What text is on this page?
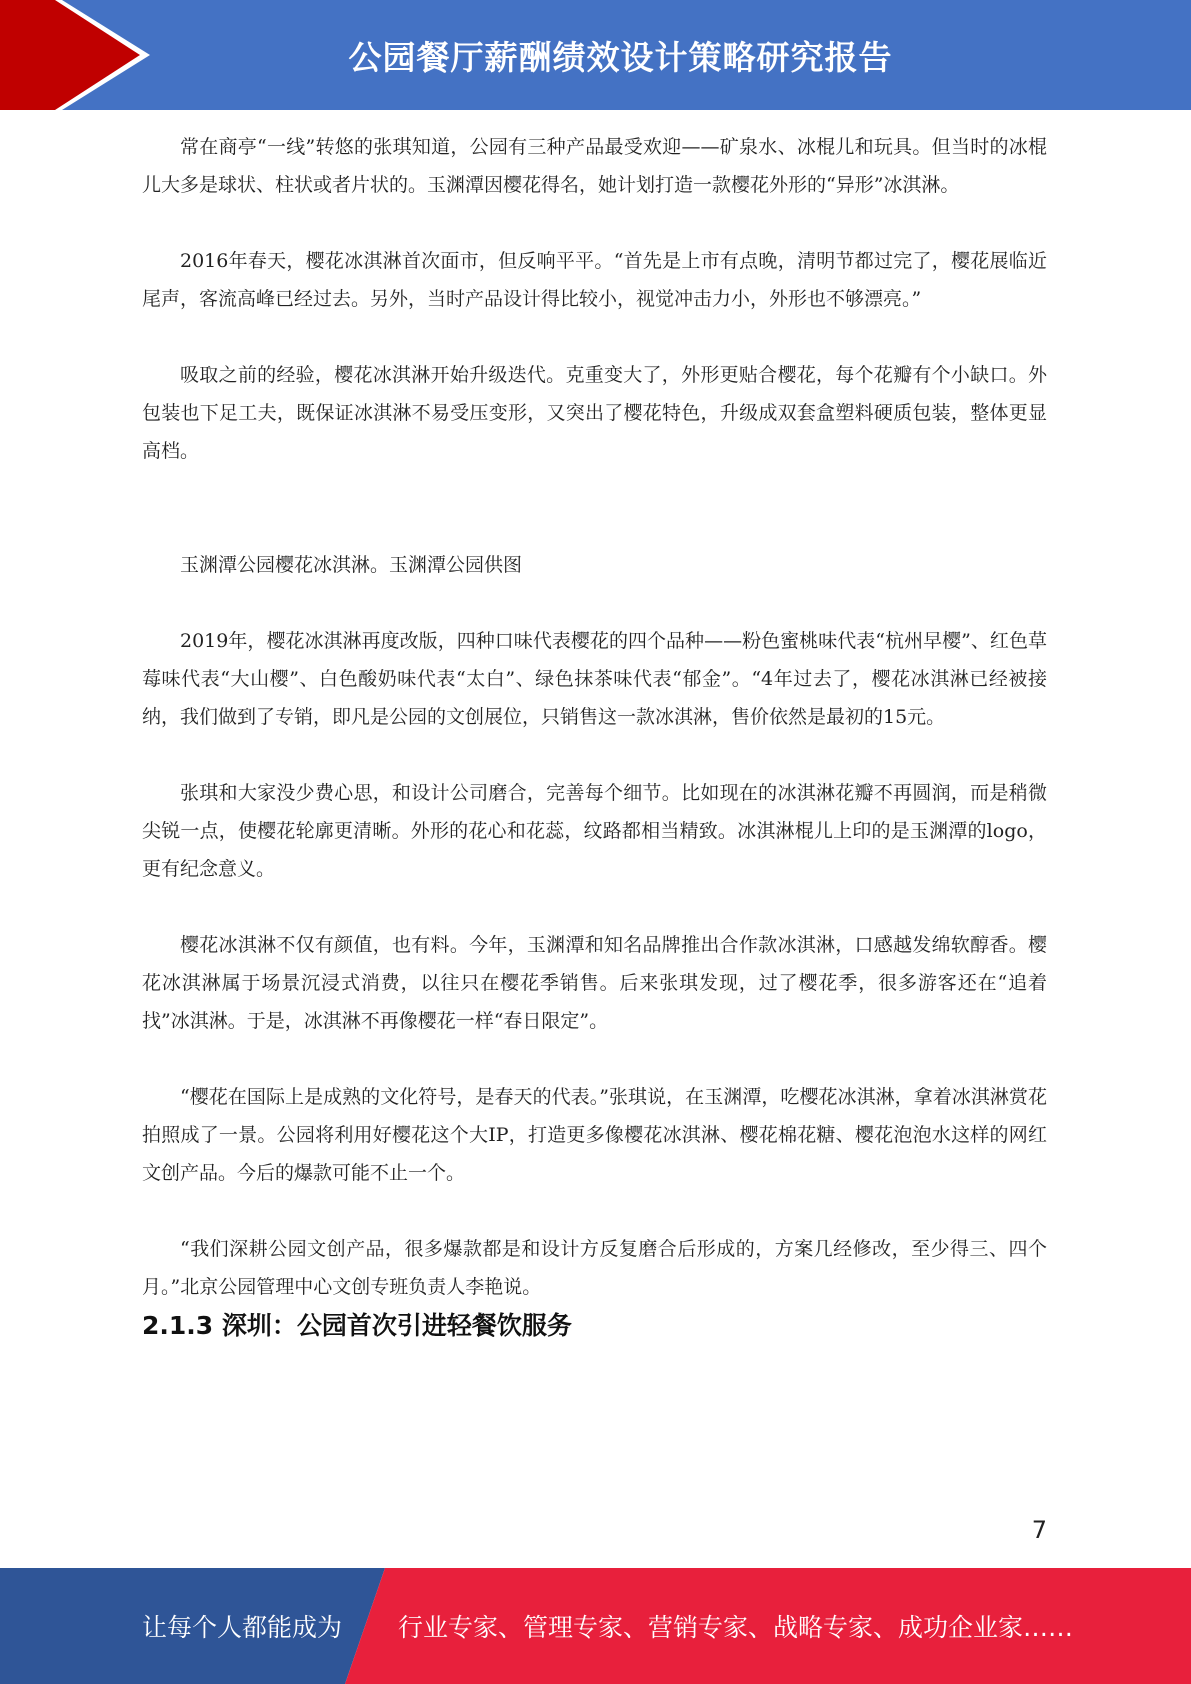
公园餐厅薪酬绩效设计策略研究报告

常在商亭“一线”转悠的张琪知道，公园有三种产品最受欢迎——矿泉水、冰棍儿和玩具。但当时的冰棍儿大多是球状、柱状或者片状的。玉渊潭因樱花得名，她计划打造一款樱花外形的“异形”冰淇淋。

2016年春天，樱花冰淇淋首次面市，但反响平平。“首先是上市有点晚，清明节都过完了，樱花展临近尾声，客流高峰已经过去。另外，当时产品设计得比较小，视觉冲击力小，外形也不够漂亮。”

吸取之前的经验，樱花冰淇淋开始升级迭代。克重变大了，外形更贴合樱花，每个花瓣有个小缺口。外包装也下足工夫，既保证冰淇淋不易受压变形，又突出了樱花特色，升级成双套盒塑料硬质包装，整体更显高档。

玉渊潭公园樱花冰淇淋。玉渊潭公园供图

2019年，樱花冰淇淋再度改版，四种口味代表樱花的四个品种——粉色蜜桃味代表“杭州早樱”、红色草莓味代表“大山樱”、白色酸奶味代表“太白”、绿色抹茶味代表“郁金”。“4年过去了，樱花冰淇淋已经被接纳，我们做到了专销，即凡是公园的文创展位，只销售这一款冰淇淋，售价依然是最初的15元。

张琪和大家没少费心思，和设计公司磨合，完善每个细节。比如现在的冰淇淋花瓣不再圆润，而是稍微尖锐一点，使樱花轮廓更清晰。外形的花心和花蕊，纹路都相当精致。冰淇淋棍儿上印的是玉渊潭的logo，更有纪念意义。

樱花冰淇淋不仅有颜值，也有料。今年，玉渊潭和知名品牌推出合作款冰淇淋，口感越发绵软醇香。樱花冰淇淋属于场景沉浸式消费，以往只在樱花季销售。后来张琪发现，过了樱花季，很多游客还在“追着找”冰淇淋。于是，冰淇淋不再像樱花一样“春日限定”。

“樱花在国际上是成熟的文化符号，是春天的代表。”张琪说，在玉渊潭，吃樱花冰淇淋，拿着冰淇淋赏花拍照成了一景。公园将利用好樱花这个大IP，打造更多像樱花冰淇淋、樱花棉花糖、樱花泡泡水这样的网红文创产品。今后的爆款可能不止一个。

“我们深耕公园文创产品，很多爆款都是和设计方反复磨合后形成的，方案几经修改，至少得三、四个月。”北京公园管理中心文创专班负责人李艳说。

2.1.3 深圳：公园首次引进轻餐饮服务
7
让每个人都能成为 行业专家、管理专家、营销专家、战略专家、成功企业家……
